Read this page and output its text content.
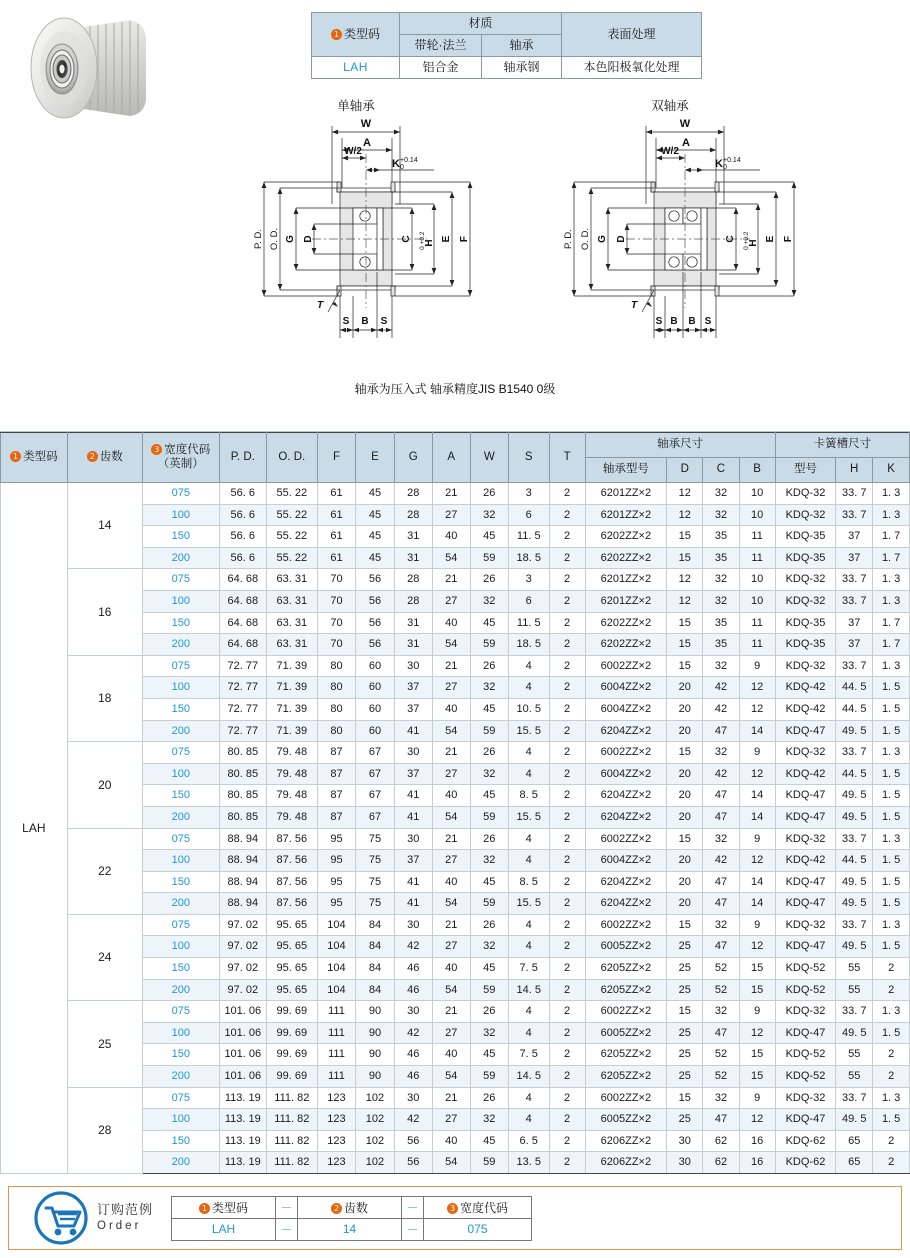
1 类型码	材质		表面处理
	带轮·法兰	轴承	
LAH	铝合金	轴承钢	本色阳极氧化处理
单轴承	双轴承
W
A
W/2
K +0.14
0
P. D. O. D. G D	C
H
+0.2
0
E F
T
S B S
W
A
W/2
K +0.14
0
P. D. O. D. G D	C
H
+0.2
0
E F
T
S B B S
轴承为压入式 轴承精度JIS B1540 0级
1 类型码	2 齿数	3 宽度代码
（英制）	P. D.	O. D.	F	E	G	A	W	S	T	轴承尺寸				卡簧槽尺寸		
												轴承型号	D	C	B	型号	H	K
LAH	14	075	56. 6	55. 22	61	45	28	21	26	3	2	6201ZZ×2	12	32	10	KDQ-32	33. 7	1. 3
		100	56. 6	55. 22	61	45	28	27	32	6	2	6201ZZ×2	12	32	10	KDQ-32	33. 7	1. 3
		150	56. 6	55. 22	61	45	31	40	45	11. 5	2	6202ZZ×2	15	35	11	KDQ-35	37	1. 7
		200	56. 6	55. 22	61	45	31	54	59	18. 5	2	6202ZZ×2	15	35	11	KDQ-35	37	1. 7
	16	075	64. 68	63. 31	70	56	28	21	26	3	2	6201ZZ×2	12	32	10	KDQ-32	33. 7	1. 3
		100	64. 68	63. 31	70	56	28	27	32	6	2	6201ZZ×2	12	32	10	KDQ-32	33. 7	1. 3
		150	64. 68	63. 31	70	56	31	40	45	11. 5	2	6202ZZ×2	15	35	11	KDQ-35	37	1. 7
		200	64. 68	63. 31	70	56	31	54	59	18. 5	2	6202ZZ×2	15	35	11	KDQ-35	37	1. 7
	18	075	72. 77	71. 39	80	60	30	21	26	4	2	6002ZZ×2	15	32	9	KDQ-32	33. 7	1. 3
		100	72. 77	71. 39	80	60	37	27	32	4	2	6004ZZ×2	20	42	12	KDQ-42	44. 5	1. 5
		150	72. 77	71. 39	80	60	37	40	45	10. 5	2	6004ZZ×2	20	42	12	KDQ-42	44. 5	1. 5
		200	72. 77	71. 39	80	60	41	54	59	15. 5	2	6204ZZ×2	20	47	14	KDQ-47	49. 5	1. 5
	20	075	80. 85	79. 48	87	67	30	21	26	4	2	6002ZZ×2	15	32	9	KDQ-32	33. 7	1. 3
		100	80. 85	79. 48	87	67	37	27	32	4	2	6004ZZ×2	20	42	12	KDQ-42	44. 5	1. 5
		150	80. 85	79. 48	87	67	41	40	45	8. 5	2	6204ZZ×2	20	47	14	KDQ-47	49. 5	1. 5
		200	80. 85	79. 48	87	67	41	54	59	15. 5	2	6204ZZ×2	20	47	14	KDQ-47	49. 5	1. 5
	22	075	88. 94	87. 56	95	75	30	21	26	4	2	6002ZZ×2	15	32	9	KDQ-32	33. 7	1. 3
		100	88. 94	87. 56	95	75	37	27	32	4	2	6004ZZ×2	20	42	12	KDQ-42	44. 5	1. 5
		150	88. 94	87. 56	95	75	41	40	45	8. 5	2	6204ZZ×2	20	47	14	KDQ-47	49. 5	1. 5
		200	88. 94	87. 56	95	75	41	54	59	15. 5	2	6204ZZ×2	20	47	14	KDQ-47	49. 5	1. 5
	24	075	97. 02	95. 65	104	84	30	21	26	4	2	6002ZZ×2	15	32	9	KDQ-32	33. 7	1. 3
		100	97. 02	95. 65	104	84	42	27	32	4	2	6005ZZ×2	25	47	12	KDQ-47	49. 5	1. 5
		150	97. 02	95. 65	104	84	46	40	45	7. 5	2	6205ZZ×2	25	52	15	KDQ-52	55	2
		200	97. 02	95. 65	104	84	46	54	59	14. 5	2	6205ZZ×2	25	52	15	KDQ-52	55	2
	25	075	101. 06	99. 69	111	90	30	21	26	4	2	6002ZZ×2	15	32	9	KDQ-32	33. 7	1. 3
		100	101. 06	99. 69	111	90	42	27	32	4	2	6005ZZ×2	25	47	12	KDQ-47	49. 5	1. 5
		150	101. 06	99. 69	111	90	46	40	45	7. 5	2	6205ZZ×2	25	52	15	KDQ-52	55	2
		200	101. 06	99. 69	111	90	46	54	59	14. 5	2	6205ZZ×2	25	52	15	KDQ-52	55	2
	28	075	113. 19	111. 82	123	102	30	21	26	4	2	6002ZZ×2	15	32	9	KDQ-32	33. 7	1. 3
		100	113. 19	111. 82	123	102	42	27	32	4	2	6005ZZ×2	25	47	12	KDQ-47	49. 5	1. 5
		150	113. 19	111. 82	123	102	56	40	45	6. 5	2	6206ZZ×2	30	62	16	KDQ-62	65	2
		200	113. 19	111. 82	123	102	56	54	59	13. 5	2	6206ZZ×2	30	62	16	KDQ-62	65	2
订购范例
Order
1 类型码	－	2 齿数	－	3 宽度代码
LAH	－	14	－	075
